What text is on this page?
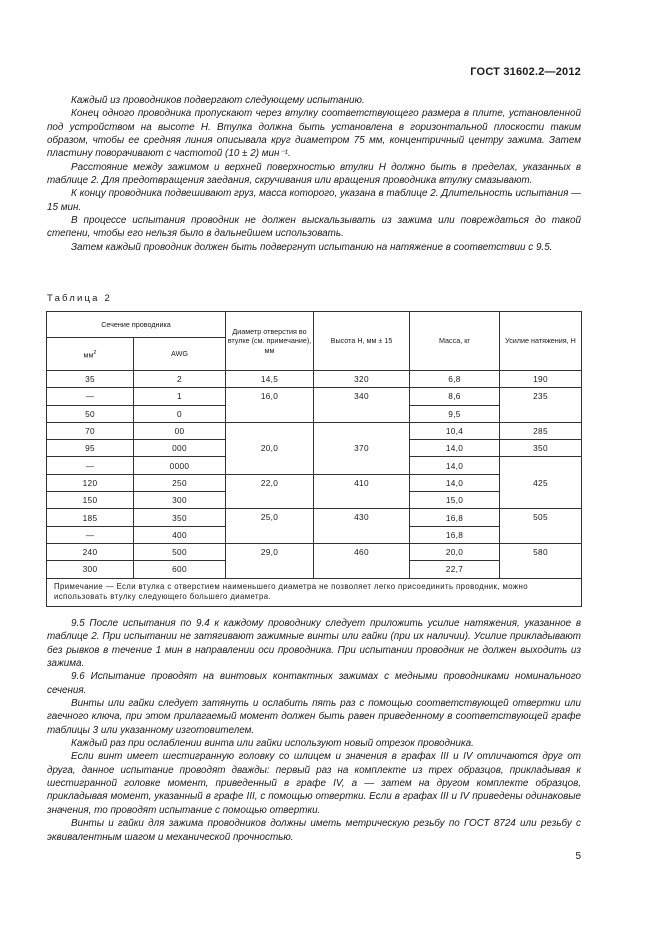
ГОСТ 31602.2—2012

Каждый из проводников подвергают следующему испытанию.

Конец одного проводника пропускают через втулку соответствующего размера в плите, установленной под устройством на высоте H. Втулка должна быть установлена в горизонтальной плоскости таким образом, чтобы ее средняя линия описывала круг диаметром 75 мм, концентричный центру зажима. Затем пластину поворачивают с частотой (10 ± 2) мин⁻¹.

Расстояние между зажимом и верхней поверхностью втулки H должно быть в пределах, указанных в таблице 2. Для предотвращения заедания, скручивания или вращения проводника втулку смазывают.

К концу проводника подвешивают груз, масса которого, указана в таблице 2. Длительность испытания — 15 мин.

В процессе испытания проводник не должен выскальзывать из зажима или повреждаться до такой степени, чтобы его нельзя было в дальнейшем использовать.

Затем каждый проводник должен быть подвергнут испытанию на натяжение в соответствии с 9.5.

Таблица 2
Сечение проводника		Диаметр отверстия во втулке (см. примечание), мм	Высота H, мм ± 15	Масса, кг	Усилие натяжения, Н
$мм^2$	AWG				
35	2	14,5	320	6,8	190
—	1	16,0	340	8,6	235
50	0			9,5	
70	00	20,0	370	10,4	285
95	000			14,0	350
—	0000			14,0	425
120	250	22,0	410	14,0	
150	300			15,0	
185	350	25,0	430	16,8	505
—	400			16,8	
240	500	29,0	460	20,0	580
300	600			22,7	
Примечание — Если втулка с отверстием наименьшего диаметра не позволяет легко присоединить проводник, можно использовать втулку следующего большего диаметра.					

9.5 После испытания по 9.4 к каждому проводнику следует приложить усилие натяжения, указанное в таблице 2. При испытании не затягивают зажимные винты или гайки (при их наличии). Усилие прикладывают без рывков в течение 1 мин в направлении оси проводника. При испытании проводник не должен выходить из зажима.

9.6 Испытание проводят на винтовых контактных зажимах с медными проводниками номинального сечения.

Винты или гайки следует затянуть и ослабить пять раз с помощью соответствующей отвертки или гаечного ключа, при этом прилагаемый момент должен быть равен приведенному в соответствующей графе таблицы 3 или указанному изготовителем.

Каждый раз при ослаблении винта или гайки используют новый отрезок проводника.

Если винт имеет шестигранную головку со шлицем и значения в графах III и IV отличаются друг от друга, данное испытание проводят дважды: первый раз на комплекте из трех образцов, прикладывая к шестигранной головке момент, приведенный в графе IV, а — затем на другом комплекте образцов, прикладывая момент, указанный в графе III, с помощью отвертки. Если в графах III и IV приведены одинаковые значения, то проводят испытание с помощью отвертки.

Винты и гайки для зажима проводников должны иметь метрическую резьбу по ГОСТ 8724 или резьбу с эквивалентным шагом и механической прочностью.

5
